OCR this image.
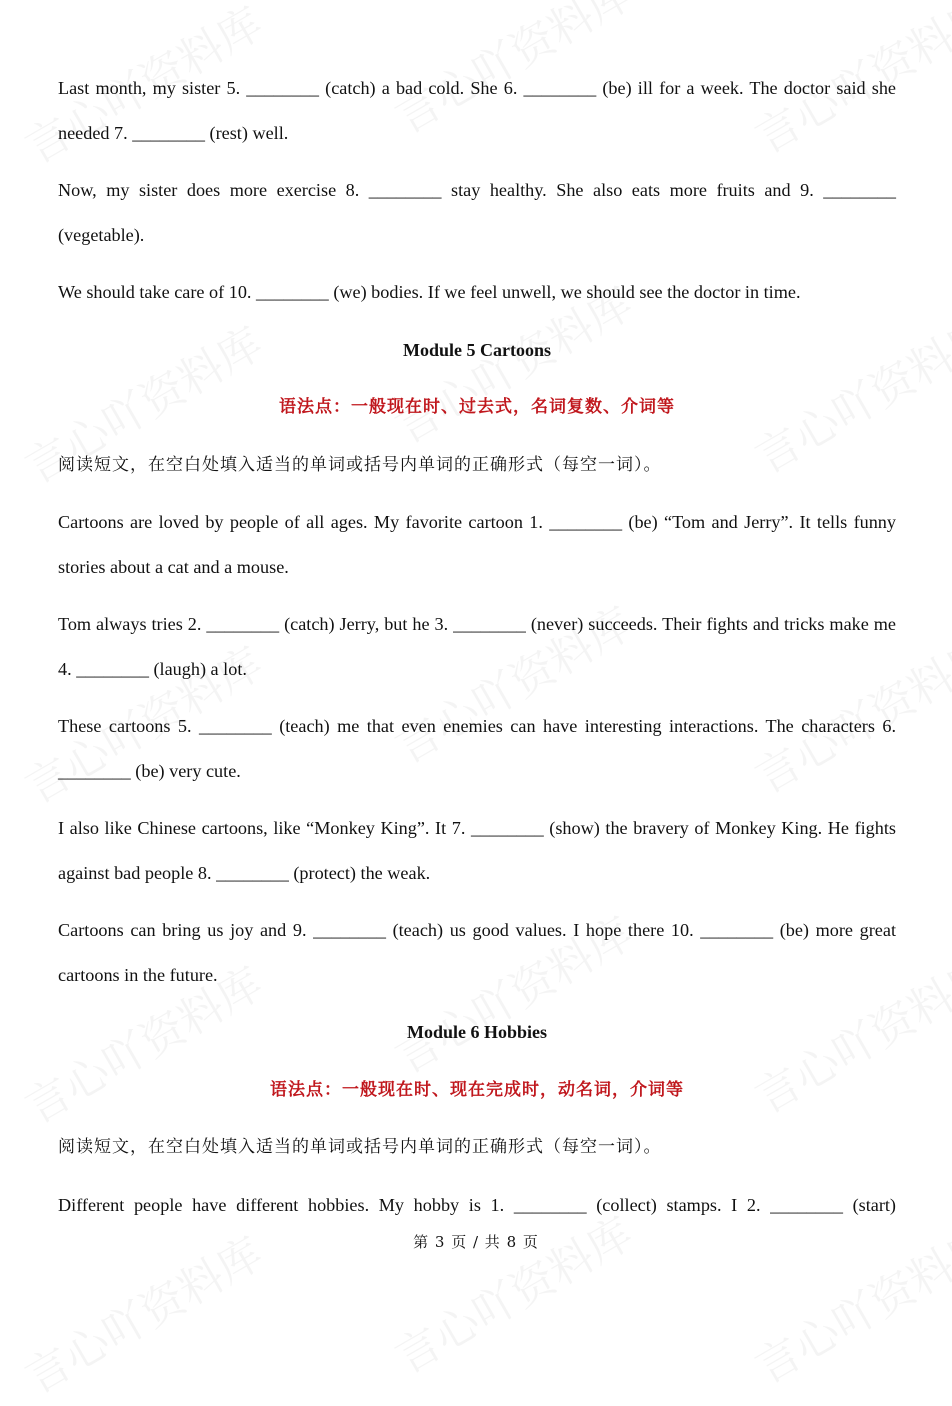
Last month, my sister 5. ________ (catch) a bad cold. She 6. ________ (be) ill for a week. The doctor said she needed 7. ________ (rest) well.

Now, my sister does more exercise 8. ________ stay healthy. She also eats more fruits and 9. ________ (vegetable).

We should take care of 10. ________ (we) bodies. If we feel unwell, we should see the doctor in time.

Module 5 Cartoons
语法点：一般现在时、过去式，名词复数、介词等
阅读短文，在空白处填入适当的单词或括号内单词的正确形式（每空一词）。

Cartoons are loved by people of all ages. My favorite cartoon 1. ________ (be) “Tom and Jerry”. It tells funny stories about a cat and a mouse.

Tom always tries 2. ________ (catch) Jerry, but he 3. ________ (never) succeeds. Their fights and tricks make me 4. ________ (laugh) a lot.

These cartoons 5. ________ (teach) me that even enemies can have interesting interactions. The characters 6. ________ (be) very cute.

I also like Chinese cartoons, like “Monkey King”. It 7. ________ (show) the bravery of Monkey King. He fights against bad people 8. ________ (protect) the weak.

Cartoons can bring us joy and 9. ________ (teach) us good values. I hope there 10. ________ (be) more great cartoons in the future.

Module 6 Hobbies
语法点：一般现在时、现在完成时，动名词，介词等
阅读短文，在空白处填入适当的单词或括号内单词的正确形式（每空一词）。

Different people have different hobbies. My hobby is 1. ________ (collect) stamps. I 2. ________ (start)

第 3 页 / 共 8 页
